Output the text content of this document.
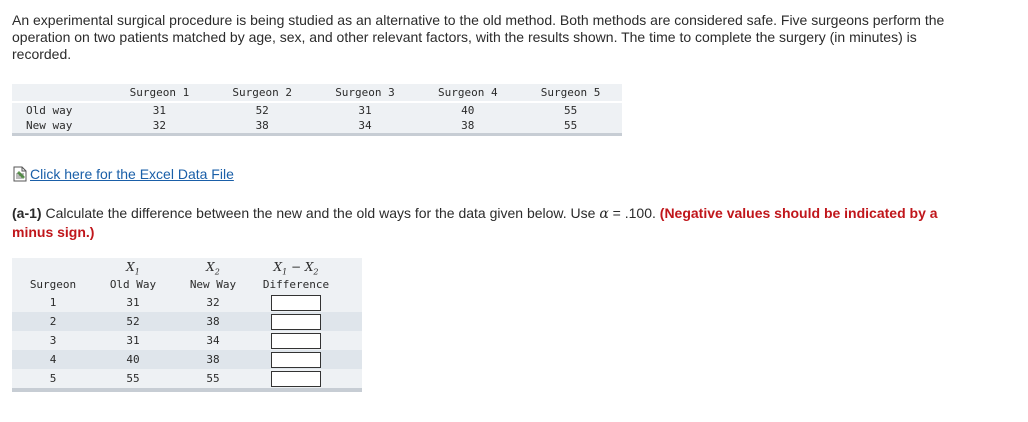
An experimental surgical procedure is being studied as an alternative to the old method. Both methods are considered safe. Five surgeons perform the operation on two patients matched by age, sex, and other relevant factors, with the results shown. The time to complete the surgery (in minutes) is recorded.

	Surgeon 1	Surgeon 2	Surgeon 3	Surgeon 4	Surgeon 5
Old way	31	52	31	40	55
New way	32	38	34	38	55

Click here for the Excel Data File

(a-1) Calculate the difference between the new and the old ways for the data given below. Use α = .100. (Negative values should be indicated by a minus sign.)

	$X_1$	$X_2$	$X_1 - X_2$	
Surgeon	Old Way	New Way	Difference	
1	31	32	

2	52	38	

3	31	34	

4	40	38	

5	55	55	
